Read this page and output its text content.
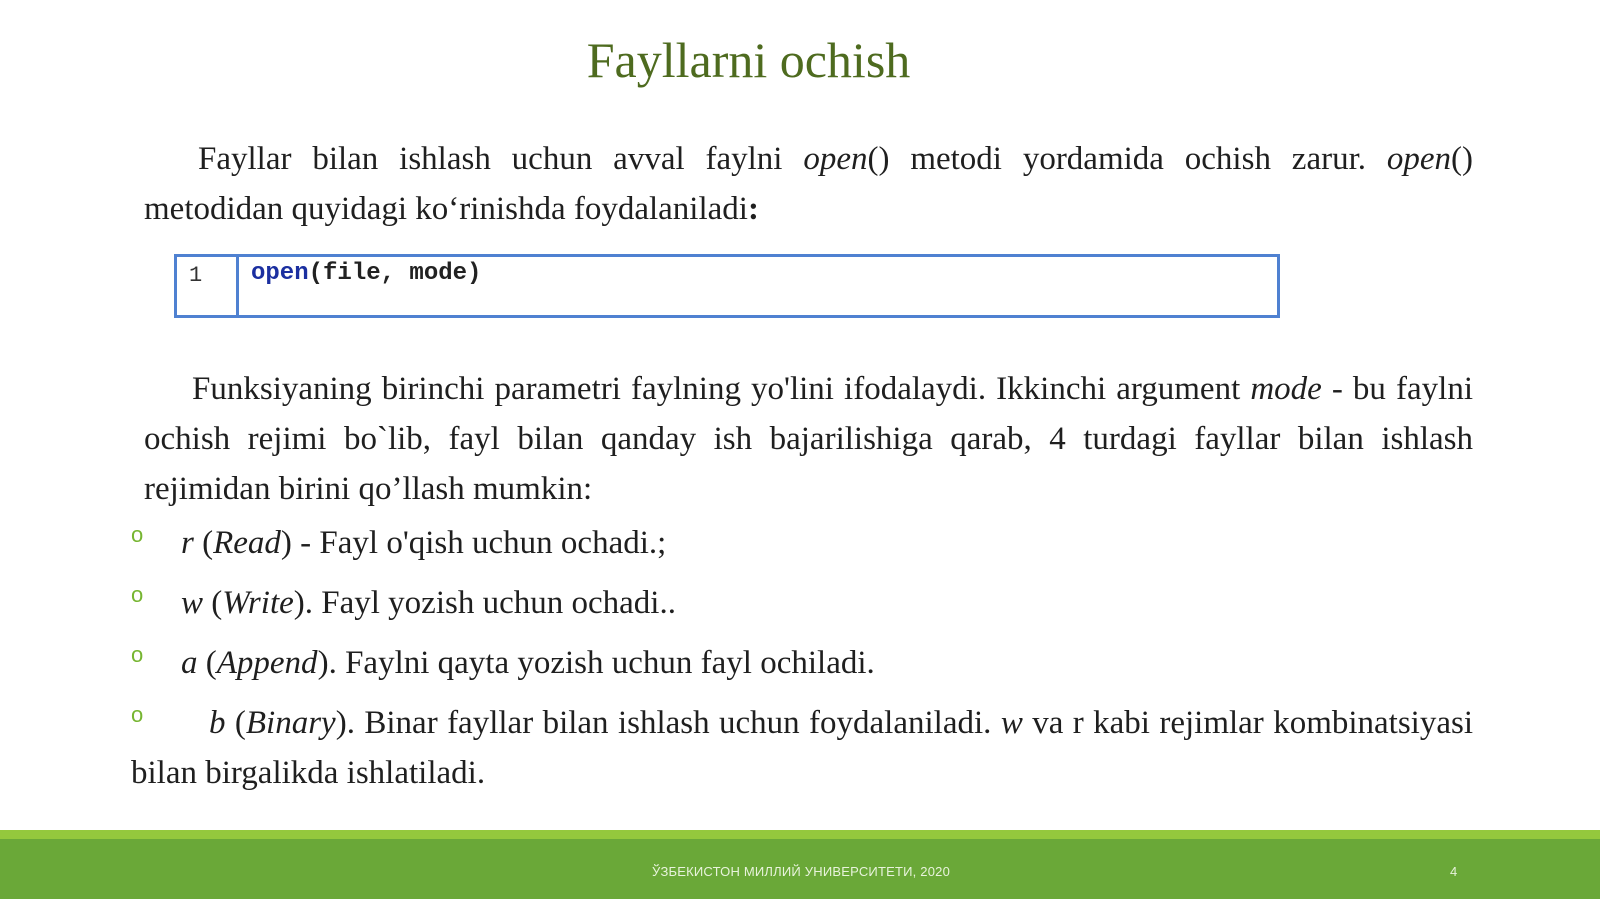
Fayllarni ochish
Fayllar bilan ishlash uchun avval faylni open() metodi yordamida ochish zarur. open() metodidan quyidagi ko‘rinishda foydalaniladi:
1	open(file, mode)
Funksiyaning birinchi parametri faylning yo'lini ifodalaydi. Ikkinchi argument mode - bu faylni ochish rejimi bo`lib, fayl bilan qanday ish bajarilishiga qarab, 4 turdagi fayllar bilan ishlash rejimidan birini qo’llash mumkin:
o r (Read) - Fayl o'qish uchun ochadi.;
o w (Write). Fayl yozish uchun ochadi..
o a (Append). Faylni qayta yozish uchun fayl ochiladi.
o b (Binary). Binar fayllar bilan ishlash uchun foydalaniladi. w va r kabi rejimlar kombinatsiyasi bilan birgalikda ishlatiladi.
ЎЗБЕКИСТОН МИЛЛИЙ УНИВЕРСИТЕТИ, 2020	4
